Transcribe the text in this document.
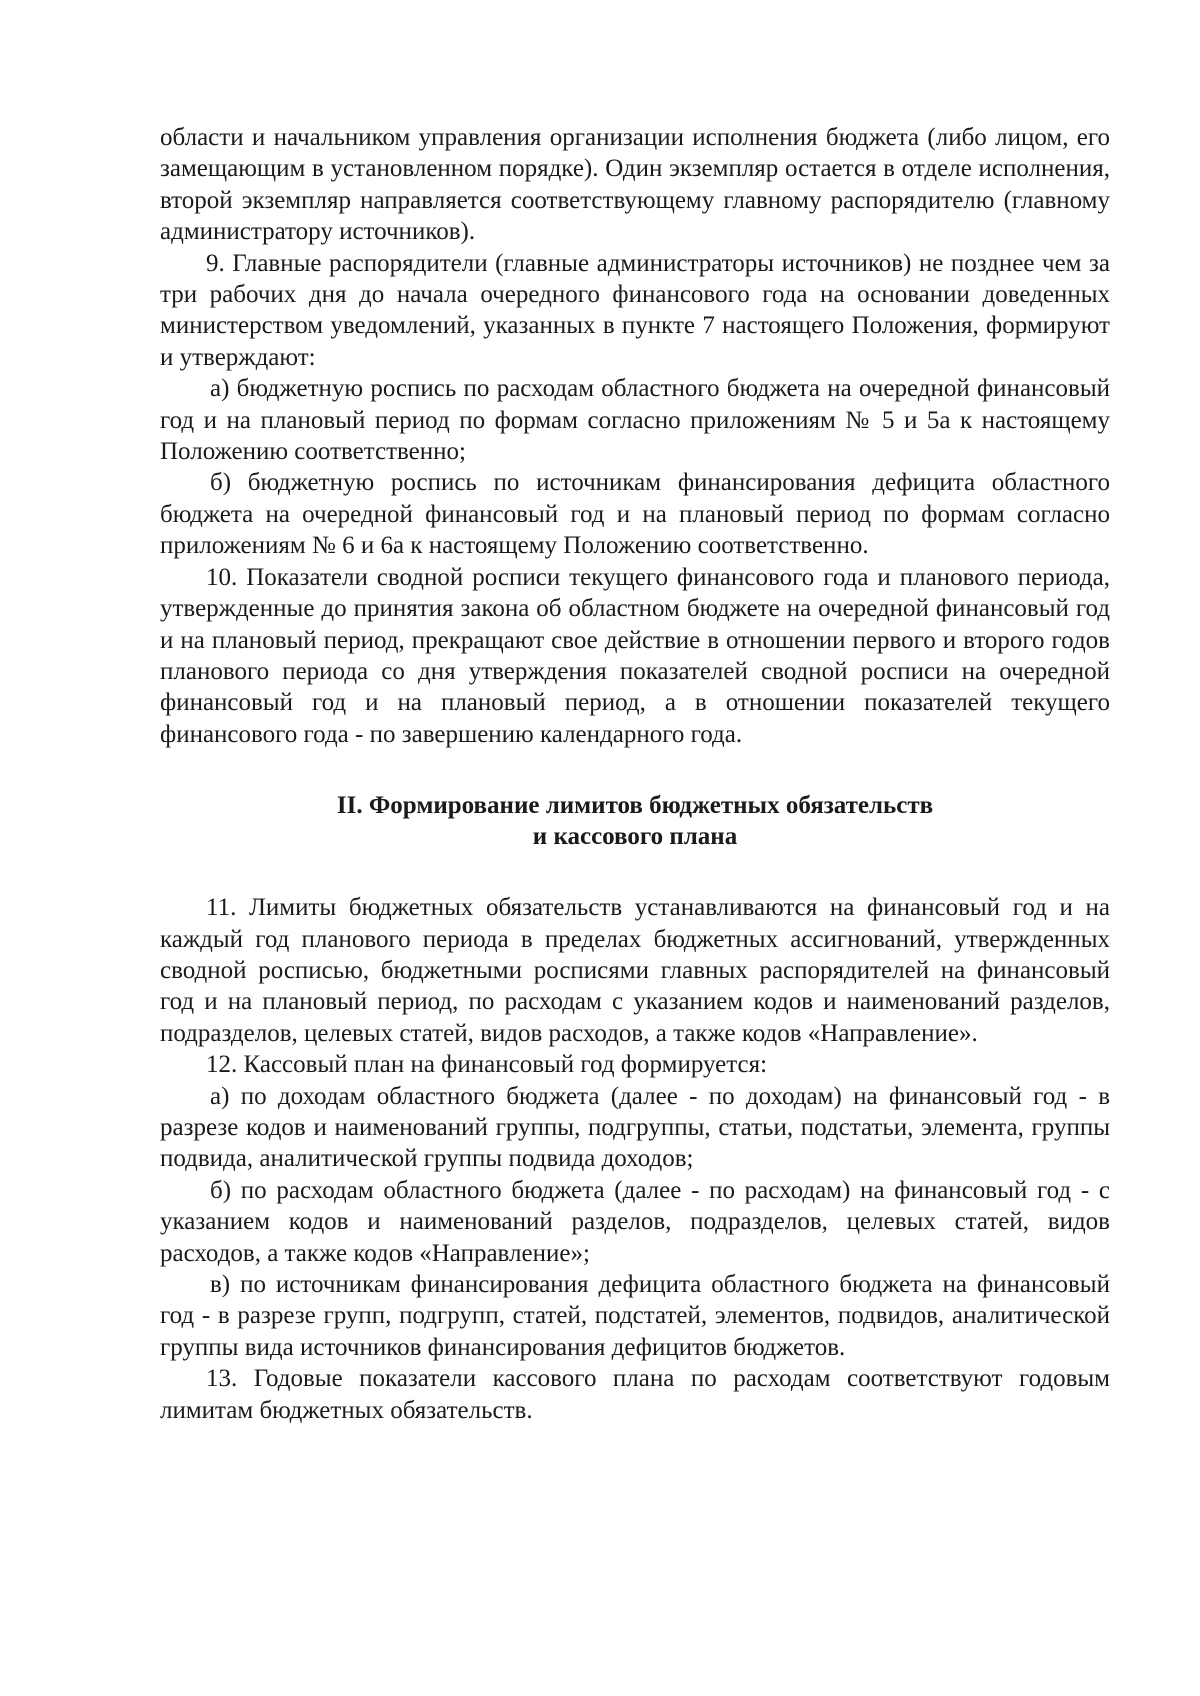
области и начальником управления организации исполнения бюджета (либо лицом, его замещающим в установленном порядке). Один экземпляр остается в отделе исполнения, второй экземпляр направляется соответствующему главному распорядителю (главному администратору источников).

9. Главные распорядители (главные администраторы источников) не позднее чем за три рабочих дня до начала очередного финансового года на основании доведенных министерством уведомлений, указанных в пункте 7 настоящего Положения, формируют и утверждают:

а) бюджетную роспись по расходам областного бюджета на очередной финансовый год и на плановый период по формам согласно приложениям № 5 и 5а к настоящему Положению соответственно;

б) бюджетную роспись по источникам финансирования дефицита областного бюджета на очередной финансовый год и на плановый период по формам согласно приложениям № 6 и 6а к настоящему Положению соответственно.

10. Показатели сводной росписи текущего финансового года и планового периода, утвержденные до принятия закона об областном бюджете на очередной финансовый год и на плановый период, прекращают свое действие в отношении первого и второго годов планового периода со дня утверждения показателей сводной росписи на очередной финансовый год и на плановый период, а в отношении показателей текущего финансового года - по завершению календарного года.

II. Формирование лимитов бюджетных обязательств
и кассового плана

11. Лимиты бюджетных обязательств устанавливаются на финансовый год и на каждый год планового периода в пределах бюджетных ассигнований, утвержденных сводной росписью, бюджетными росписями главных распорядителей на финансовый год и на плановый период, по расходам с указанием кодов и наименований разделов, подразделов, целевых статей, видов расходов, а также кодов «Направление».

12. Кассовый план на финансовый год формируется:

а) по доходам областного бюджета (далее - по доходам) на финансовый год - в разрезе кодов и наименований группы, подгруппы, статьи, подстатьи, элемента, группы подвида, аналитической группы подвида доходов;

б) по расходам областного бюджета (далее - по расходам) на финансовый год - с указанием кодов и наименований разделов, подразделов, целевых статей, видов расходов, а также кодов «Направление»;

в) по источникам финансирования дефицита областного бюджета на финансовый год - в разрезе групп, подгрупп, статей, подстатей, элементов, подвидов, аналитической группы вида источников финансирования дефицитов бюджетов.

13. Годовые показатели кассового плана по расходам соответствуют годовым лимитам бюджетных обязательств.
